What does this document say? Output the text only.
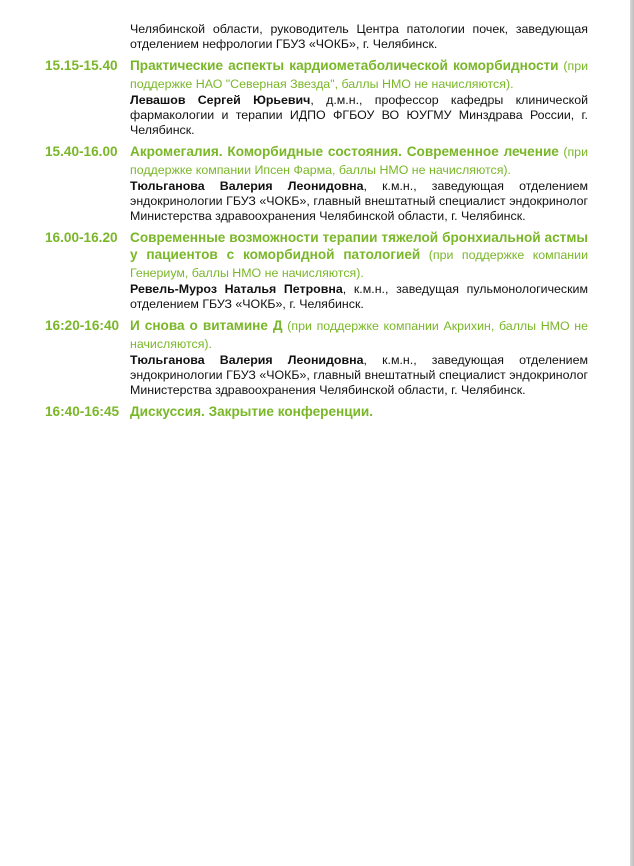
Челябинской области, руководитель Центра патологии почек, заведующая отделением нефрологии ГБУЗ «ЧОКБ», г. Челябинск.
15.15-15.40 Практические аспекты кардиометаболической коморбидности (при поддержке НАО "Северная Звезда", баллы НМО не начисляются).
Левашов Сергей Юрьевич, д.м.н., профессор кафедры клинической фармакологии и терапии ИДПО ФГБОУ ВО ЮУГМУ Минздрава России, г. Челябинск.
15.40-16.00 Акромегалия. Коморбидные состояния. Современное лечение (при поддержке компании Ипсен Фарма, баллы НМО не начисляются).
Тюльганова Валерия Леонидовна, к.м.н., заведующая отделением эндокринологии ГБУЗ «ЧОКБ», главный внештатный специалист эндокринолог Министерства здравоохранения Челябинской области, г. Челябинск.
16.00-16.20 Современные возможности терапии тяжелой бронхиальной астмы у пациентов с коморбидной патологией (при поддержке компании Генериум, баллы НМО не начисляются).
Ревель-Муроз Наталья Петровна, к.м.н., заведущая пульмонологическим отделением ГБУЗ «ЧОКБ», г. Челябинск.
16:20-16:40 И снова о витамине Д (при поддержке компании Акрихин, баллы НМО не начисляются).
Тюльганова Валерия Леонидовна, к.м.н., заведующая отделением эндокринологии ГБУЗ «ЧОКБ», главный внештатный специалист эндокринолог Министерства здравоохранения Челябинской области, г. Челябинск.
16:40-16:45 Дискуссия. Закрытие конференции.
